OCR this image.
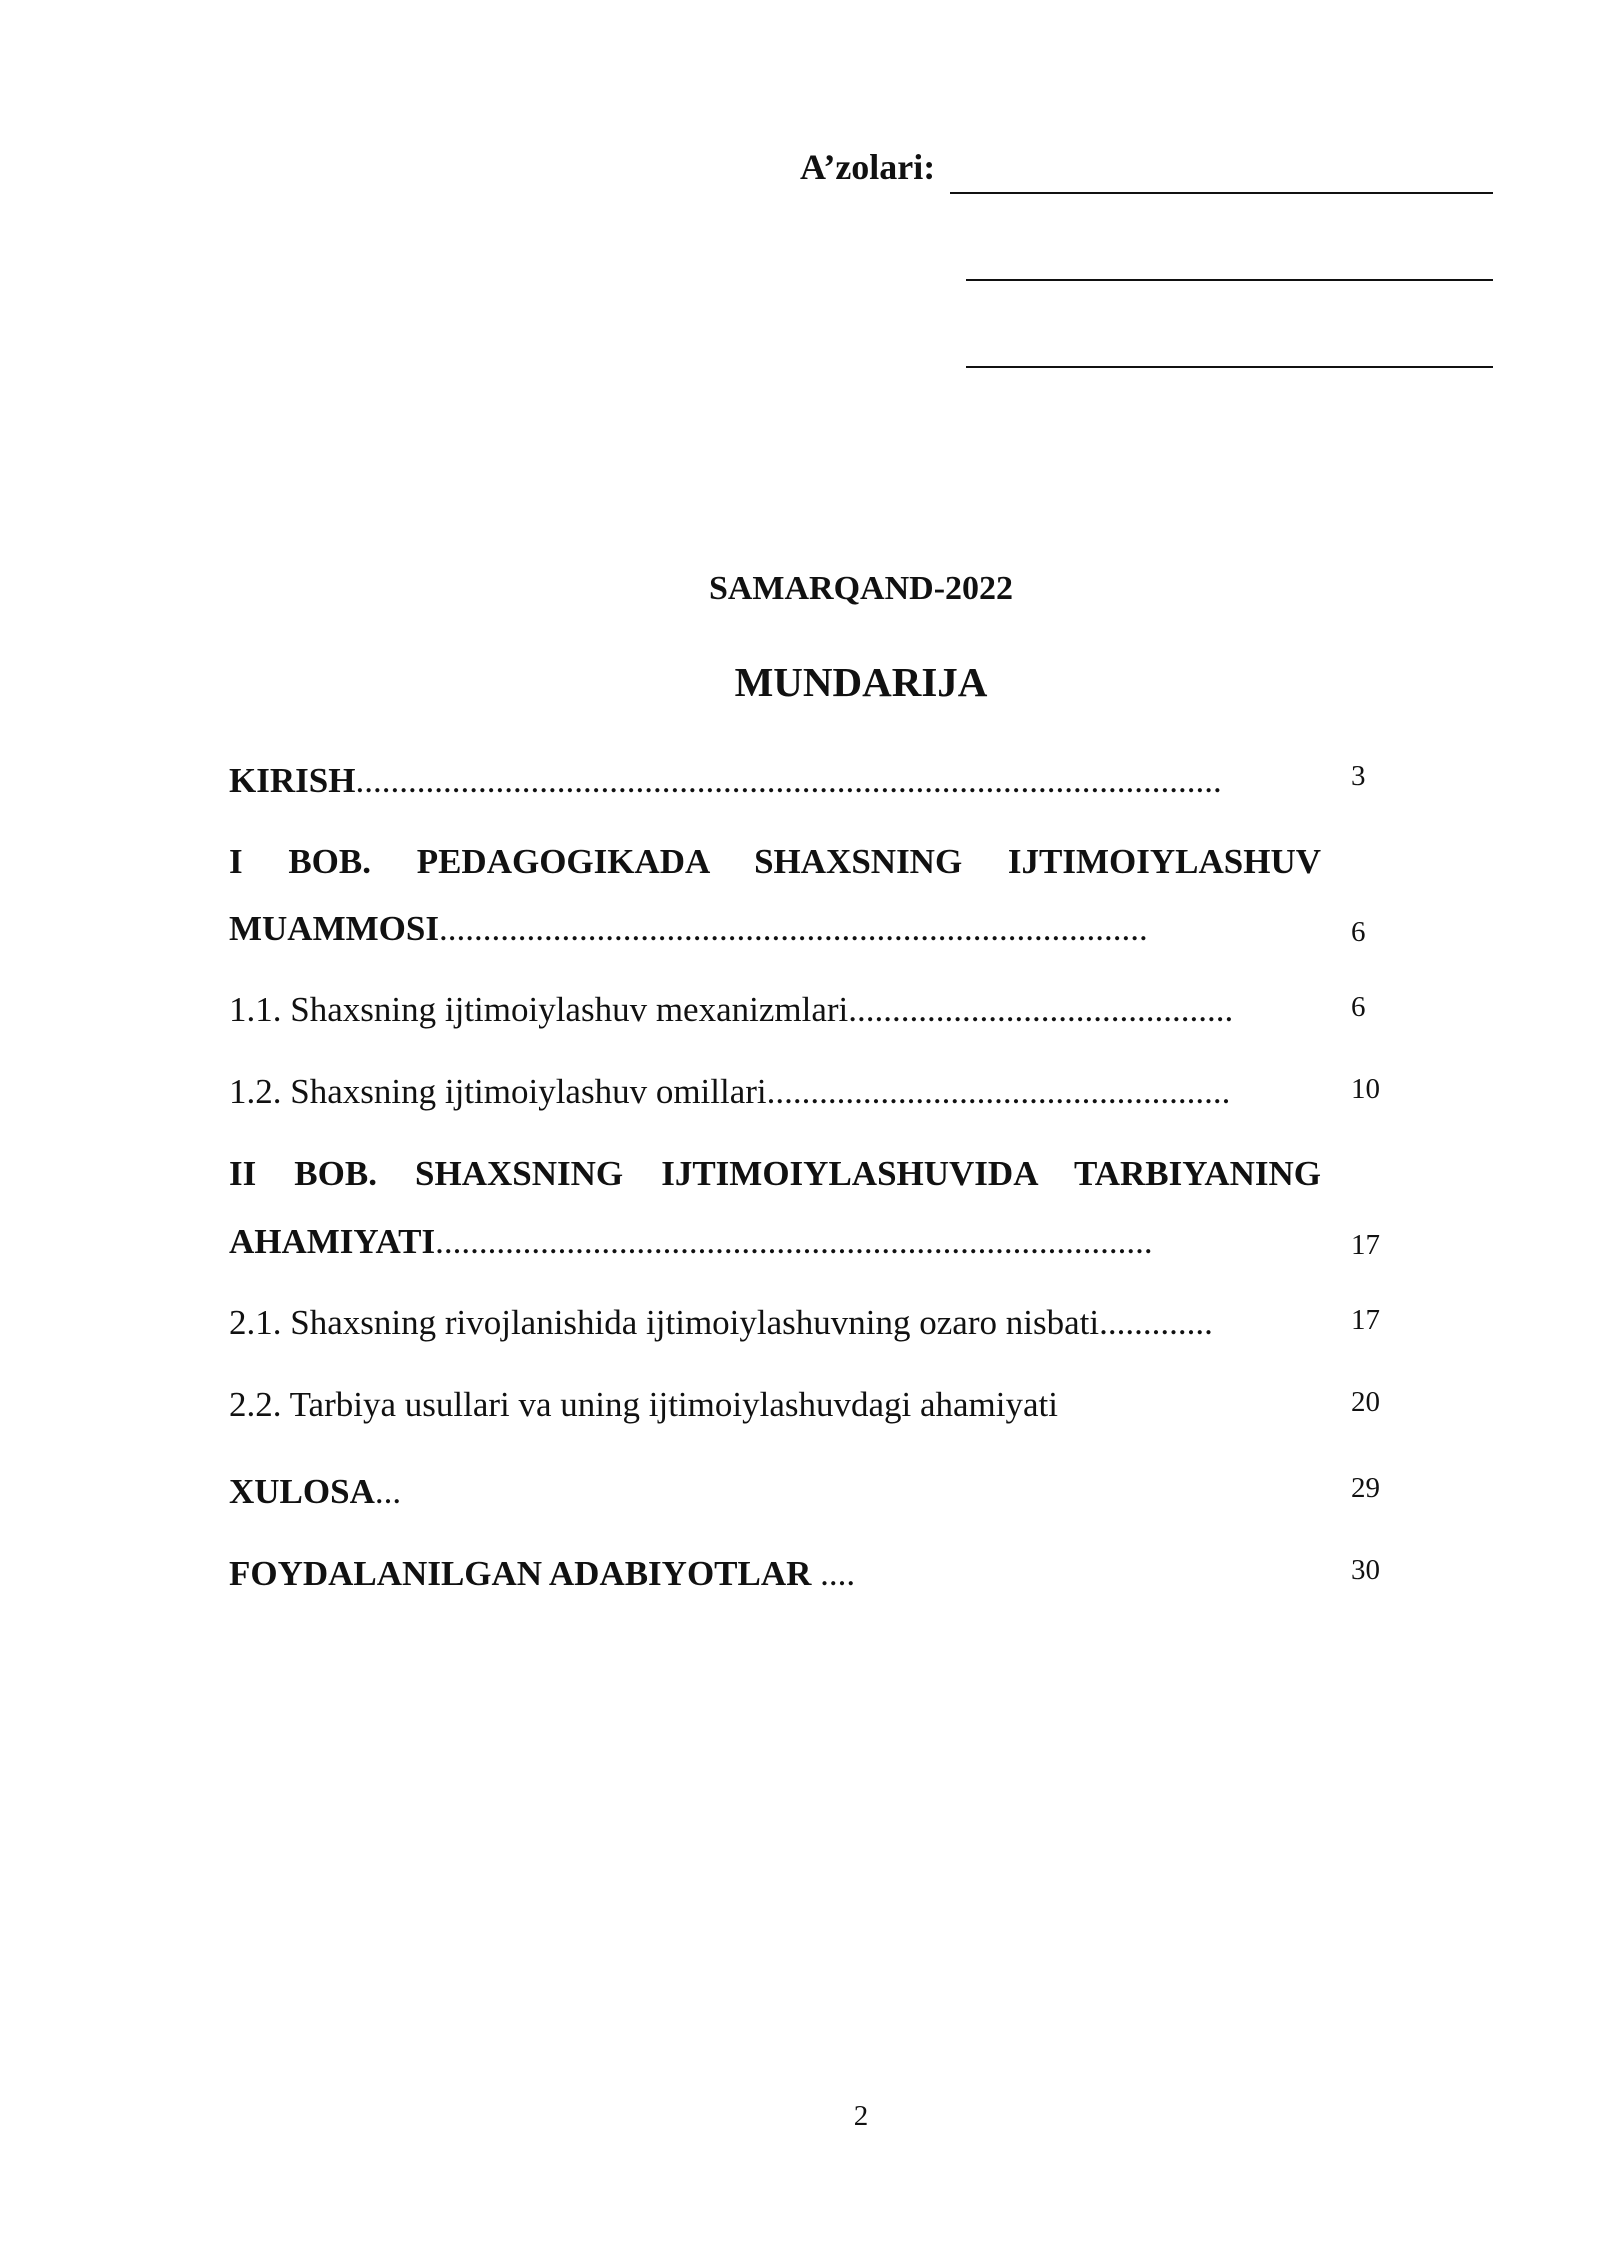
A’zolari:
SAMARQAND-2022
MUNDARIJA
KIRISH...................................................................................................	3
I BOB. PEDAGOGIKADA SHAXSNING IJTIMOIYLASHUV
MUAMMOSI.................................................................................	6
1.1. Shaxsning ijtimoiylashuv mexanizmlari............................................	6
1.2. Shaxsning ijtimoiylashuv omillari.....................................................	10
II BOB. SHAXSNING IJTIMOIYLASHUVIDA TARBIYANING
AHAMIYATI..................................................................................	17
2.1. Shaxsning rivojlanishida ijtimoiylashuvning ozaro nisbati.............	17
2.2. Tarbiya usullari va uning ijtimoiylashuvdagi ahamiyati	20
XULOSA...	29
FOYDALANILGAN ADABIYOTLAR ....	30
2
